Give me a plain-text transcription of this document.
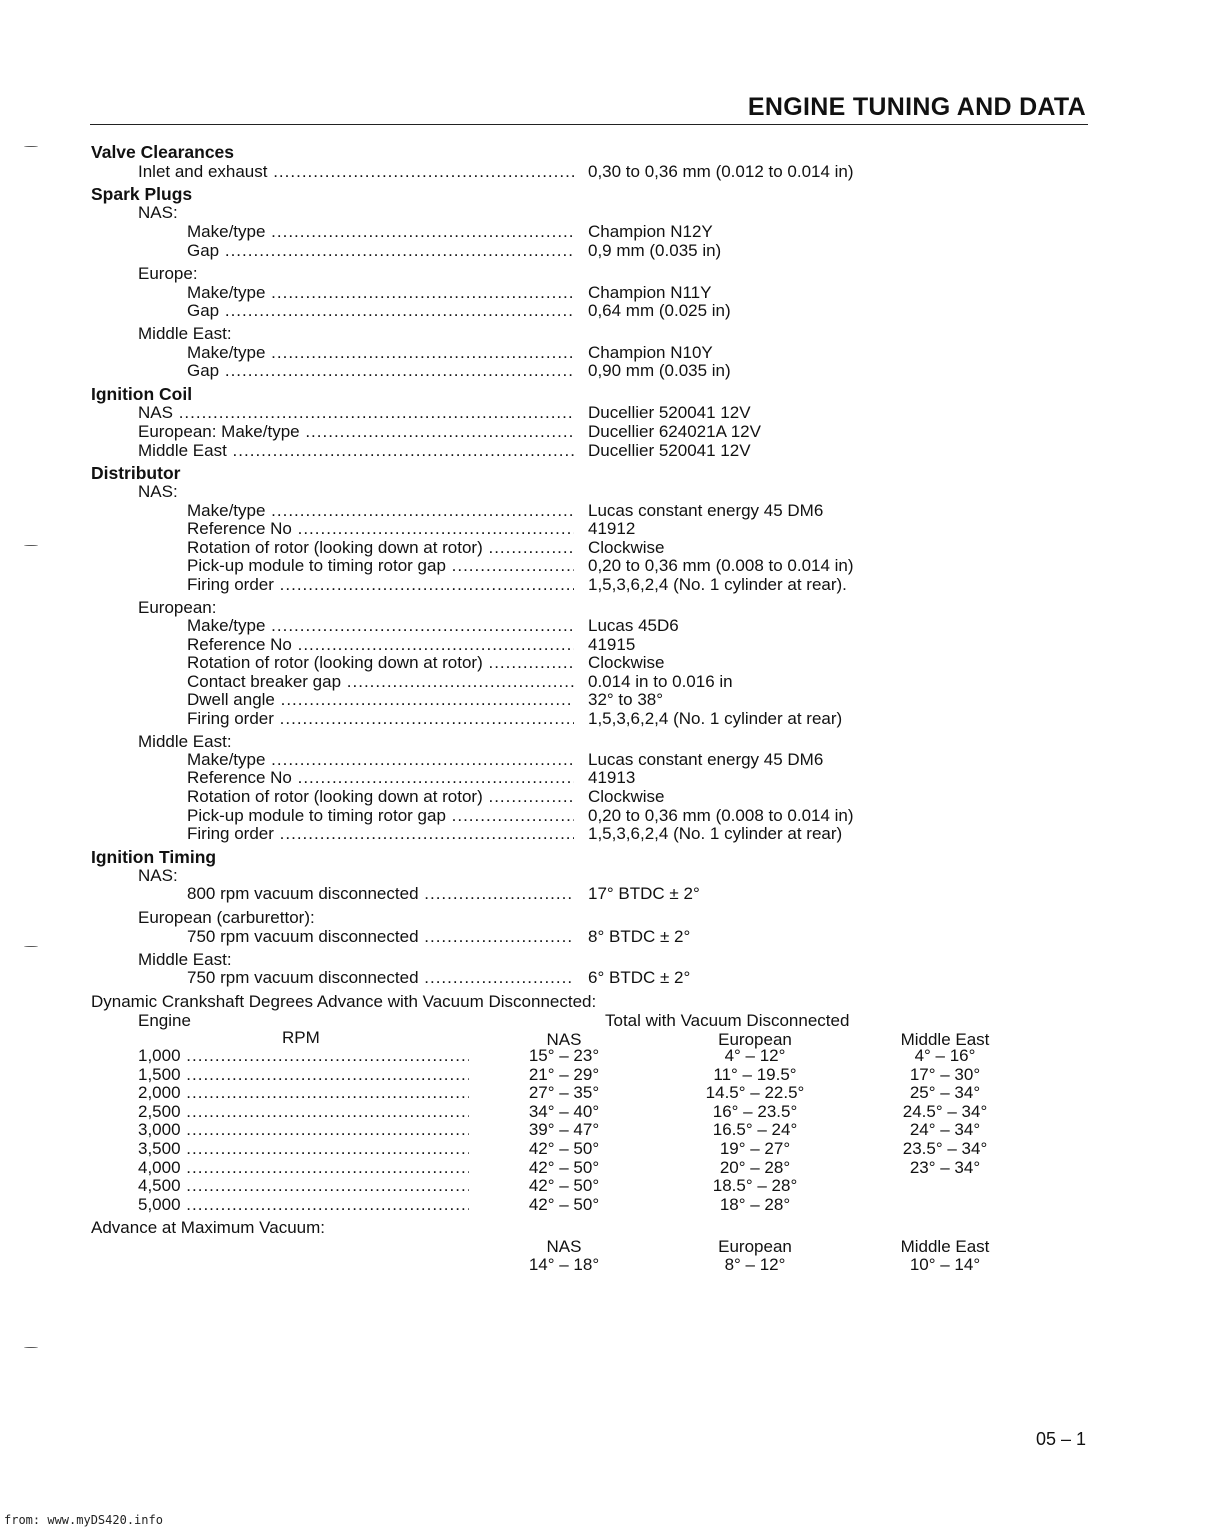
ENGINE TUNING AND DATA
Valve Clearances
Inlet and exhaust .....	0,30 to 0,36 mm (0.012 to 0.014 in)
Spark Plugs
NAS:
Make/type .....	Champion N12Y
Gap .....	0,9 mm (0.035 in)
Europe:
Make/type .....	Champion N11Y
Gap .....	0,64 mm (0.025 in)
Middle East:
Make/type .....	Champion N10Y
Gap .....	0,90 mm (0.035 in)
Ignition Coil
NAS .....	Ducellier 520041 12V
European: Make/type .....	Ducellier 624021A 12V
Middle East .....	Ducellier 520041 12V
Distributor
NAS:
Make/type .....	Lucas constant energy 45 DM6
Reference No .....	41912
Rotation of rotor (looking down at rotor) .....	Clockwise
Pick-up module to timing rotor gap .....	0,20 to 0,36 mm (0.008 to 0.014 in)
Firing order .....	1,5,3,6,2,4 (No. 1 cylinder at rear).
European:
Make/type .....	Lucas 45D6
Reference No .....	41915
Rotation of rotor (looking down at rotor) .....	Clockwise
Contact breaker gap .....	0.014 in to 0.016 in
Dwell angle .....	32° to 38°
Firing order .....	1,5,3,6,2,4 (No. 1 cylinder at rear)
Middle East:
Make/type .....	Lucas constant energy 45 DM6
Reference No .....	41913
Rotation of rotor (looking down at rotor) .....	Clockwise
Pick-up module to timing rotor gap .....	0,20 to 0,36 mm (0.008 to 0.014 in)
Firing order .....	1,5,3,6,2,4 (No. 1 cylinder at rear)
Ignition Timing
NAS:
800 rpm vacuum disconnected .....	17° BTDC ± 2°
European (carburettor):
750 rpm vacuum disconnected .....	8° BTDC ± 2°
Middle East:
750 rpm vacuum disconnected .....	6° BTDC ± 2°
Dynamic Crankshaft Degrees Advance with Vacuum Disconnected:
Engine	Total with Vacuum Disconnected
RPM	NAS	European	Middle East
1,000 .....	15° – 23°	4° – 12°	4° – 16°
1,500 .....	21° – 29°	11° – 19.5°	17° – 30°
2,000 .....	27° – 35°	14.5° – 22.5°	25° – 34°
2,500 .....	34° – 40°	16° – 23.5°	24.5° – 34°
3,000 .....	39° – 47°	16.5° – 24°	24° – 34°
3,500 .....	42° – 50°	19° – 27°	23.5° – 34°
4,000 .....	42° – 50°	20° – 28°	23° – 34°
4,500 .....	42° – 50°	18.5° – 28°
5,000 .....	42° – 50°	18° – 28°
Advance at Maximum Vacuum:
NAS	European	Middle East
14° – 18°	8° – 12°	10° – 14°
05 – 1
from: www.myDS420.info
